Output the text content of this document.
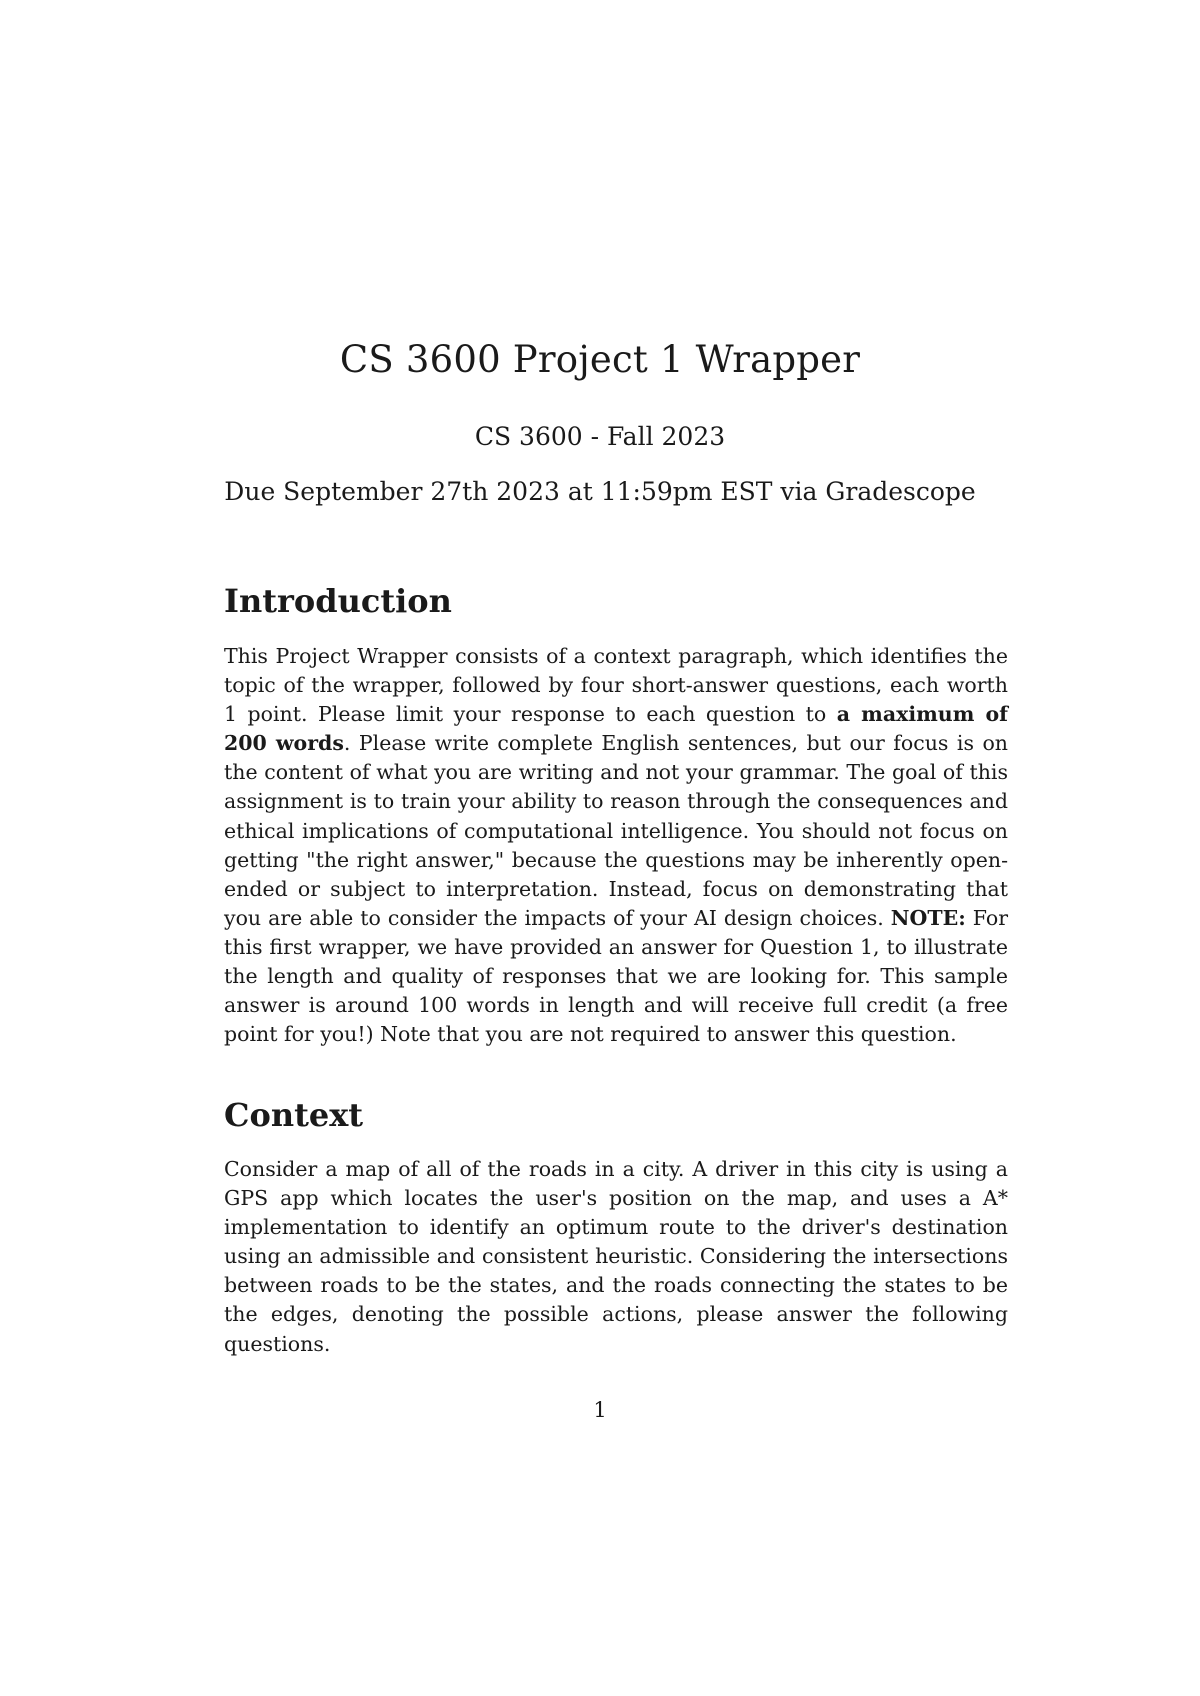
CS 3600 Project 1 Wrapper
CS 3600 - Fall 2023
Due September 27th 2023 at 11:59pm EST via Gradescope
Introduction
This Project Wrapper consists of a context paragraph, which identifies the topic of the wrapper, followed by four short-answer questions, each worth 1 point. Please limit your response to each question to a maximum of 200 words. Please write complete English sentences, but our focus is on the content of what you are writing and not your grammar. The goal of this assignment is to train your ability to reason through the consequences and ethical implications of computational intelligence. You should not focus on getting "the right answer," because the questions may be inherently open-ended or subject to interpretation. Instead, focus on demonstrating that you are able to consider the impacts of your AI design choices. NOTE: For this first wrapper, we have provided an answer for Question 1, to illustrate the length and quality of responses that we are looking for. This sample answer is around 100 words in length and will receive full credit (a free point for you!) Note that you are not required to answer this question.
Context
Consider a map of all of the roads in a city. A driver in this city is using a GPS app which locates the user's position on the map, and uses a A* implementation to identify an optimum route to the driver's destination using an admissible and consistent heuristic. Considering the intersections between roads to be the states, and the roads connecting the states to be the edges, denoting the possible actions, please answer the following questions.
1
